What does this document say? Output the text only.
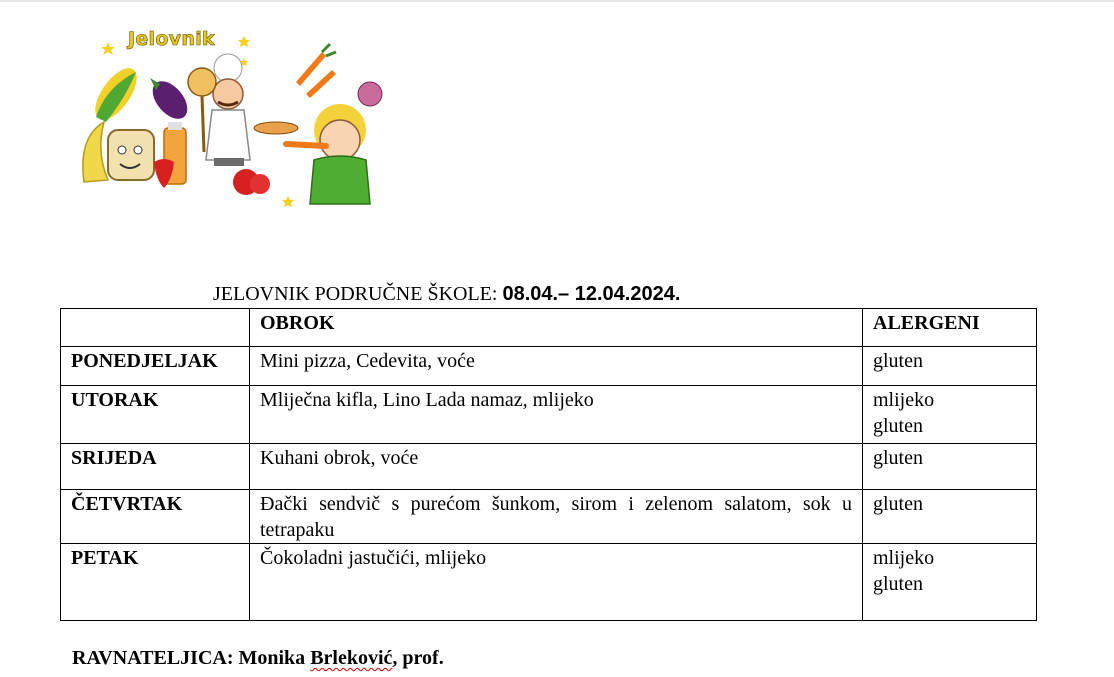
Jelovnik
JELOVNIK PODRUČNE ŠKOLE: 08.04.– 12.04.2024.
	OBROK	ALERGENI
PONEDJELJAK	Mini pizza, Cedevita, voće	gluten

UTORAK	Mliječna kifla, Lino Lada namaz, mlijeko	mlijeko
gluten

SRIJEDA	Kuhani obrok, voće	gluten

ČETVRTAK	Đački sendvič s purećom šunkom, sirom i zelenom salatom, sok u tetrapaku	gluten

PETAK	Čokoladni jastučići, mlijeko	mlijeko
gluten
RAVNATELJICA: Monika Brleković, prof.
